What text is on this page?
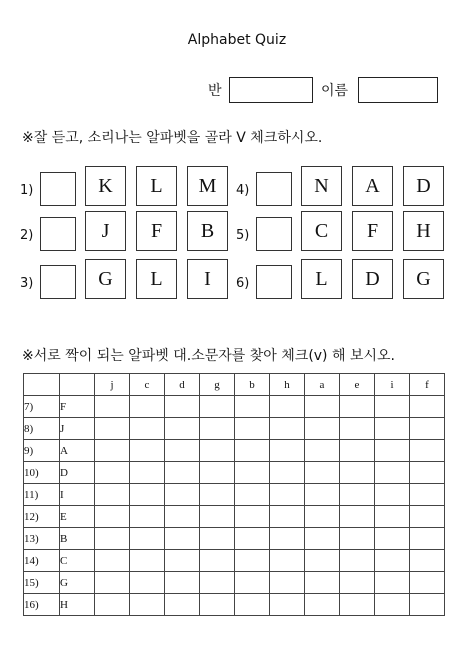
Alphabet Quiz
반	이름
※잘 듣고, 소리나는 알파벳을 골라 V 체크하시오.
1)	K	L	M
2)	J	F	B
3)	G	L	I
4)	N	A	D
5)	C	F	H
6)	L	D	G
※서로 짝이 되는 알파벳 대.소문자를 찾아 체크(v) 해 보시오.
		j	c	d	g	b	h	a	e	i	f
7)	F										
8)	J										
9)	A										
10)	D										
11)	I										
12)	E										
13)	B										
14)	C										
15)	G										
16)	H										
